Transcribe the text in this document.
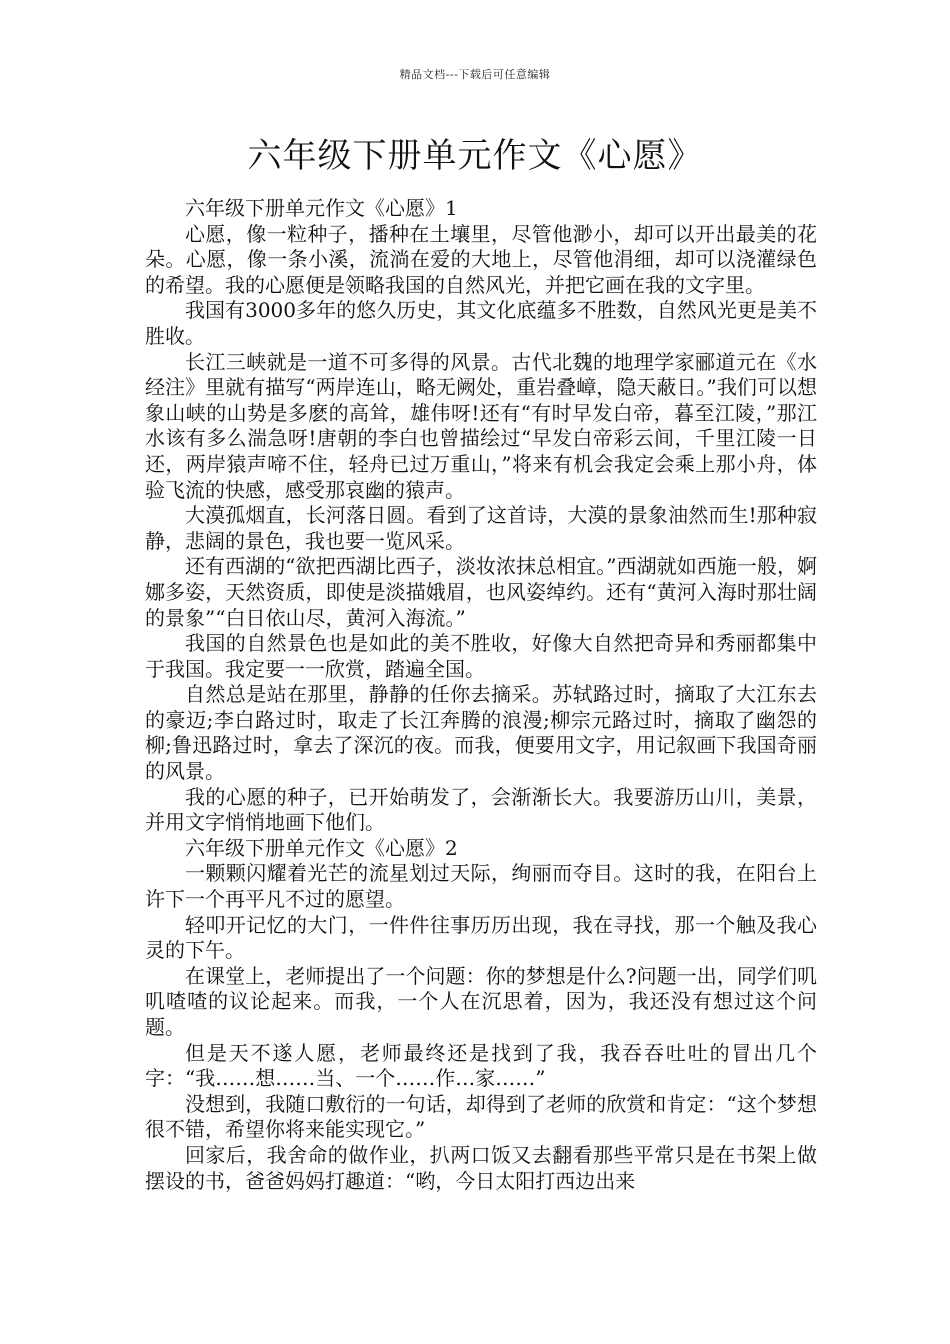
精品文档---下载后可任意编辑
六年级下册单元作文《心愿》

六年级下册单元作文《心愿》1

心愿，像一粒种子，播种在土壤里，尽管他渺小，却可以开出最美的花朵。心愿，像一条小溪，流淌在爱的大地上，尽管他涓细，却可以浇灌绿色的希望。我的心愿便是领略我国的自然风光，并把它画在我的文字里。

我国有3000多年的悠久历史，其文化底蕴多不胜数，自然风光更是美不胜收。

长江三峡就是一道不可多得的风景。古代北魏的地理学家郦道元在《水经注》里就有描写“两岸连山，略无阙处，重岩叠嶂，隐天蔽日。”我们可以想象山峡的山势是多麽的高耸，雄伟呀!还有“有时早发白帝，暮至江陵，”那江水该有多么湍急呀!唐朝的李白也曾描绘过“早发白帝彩云间，千里江陵一日还，两岸猿声啼不住，轻舟已过万重山，”将来有机会我定会乘上那小舟，体验飞流的快感，感受那哀幽的猿声。

大漠孤烟直，长河落日圆。看到了这首诗，大漠的景象油然而生!那种寂静，悲阔的景色，我也要一览风采。

还有西湖的“欲把西湖比西子，淡妆浓抹总相宜。”西湖就如西施一般，婀娜多姿，天然资质，即使是淡描娥眉，也风姿绰约。还有“黄河入海时那壮阔的景象”“白日依山尽，黄河入海流。”

我国的自然景色也是如此的美不胜收，好像大自然把奇异和秀丽都集中于我国。我定要一一欣赏，踏遍全国。

自然总是站在那里，静静的任你去摘采。苏轼路过时，摘取了大江东去的豪迈;李白路过时，取走了长江奔腾的浪漫;柳宗元路过时，摘取了幽怨的柳;鲁迅路过时，拿去了深沉的夜。而我，便要用文字，用记叙画下我国奇丽的风景。

我的心愿的种子，已开始萌发了，会渐渐长大。我要游历山川，美景，并用文字悄悄地画下他们。

六年级下册单元作文《心愿》2

一颗颗闪耀着光芒的流星划过天际，绚丽而夺目。这时的我，在阳台上许下一个再平凡不过的愿望。

轻叩开记忆的大门，一件件往事历历出现，我在寻找，那一个触及我心灵的下午。

在课堂上，老师提出了一个问题：你的梦想是什么?问题一出，同学们叽叽喳喳的议论起来。而我，一个人在沉思着，因为，我还没有想过这个问题。

但是天不遂人愿，老师最终还是找到了我，我吞吞吐吐的冒出几个字：“我……想……当、一个……作…家……”

没想到，我随口敷衍的一句话，却得到了老师的欣赏和肯定：“这个梦想很不错，希望你将来能实现它。”

回家后，我舍命的做作业，扒两口饭又去翻看那些平常只是在书架上做摆设的书，爸爸妈妈打趣道：“哟，今日太阳打西边出来
